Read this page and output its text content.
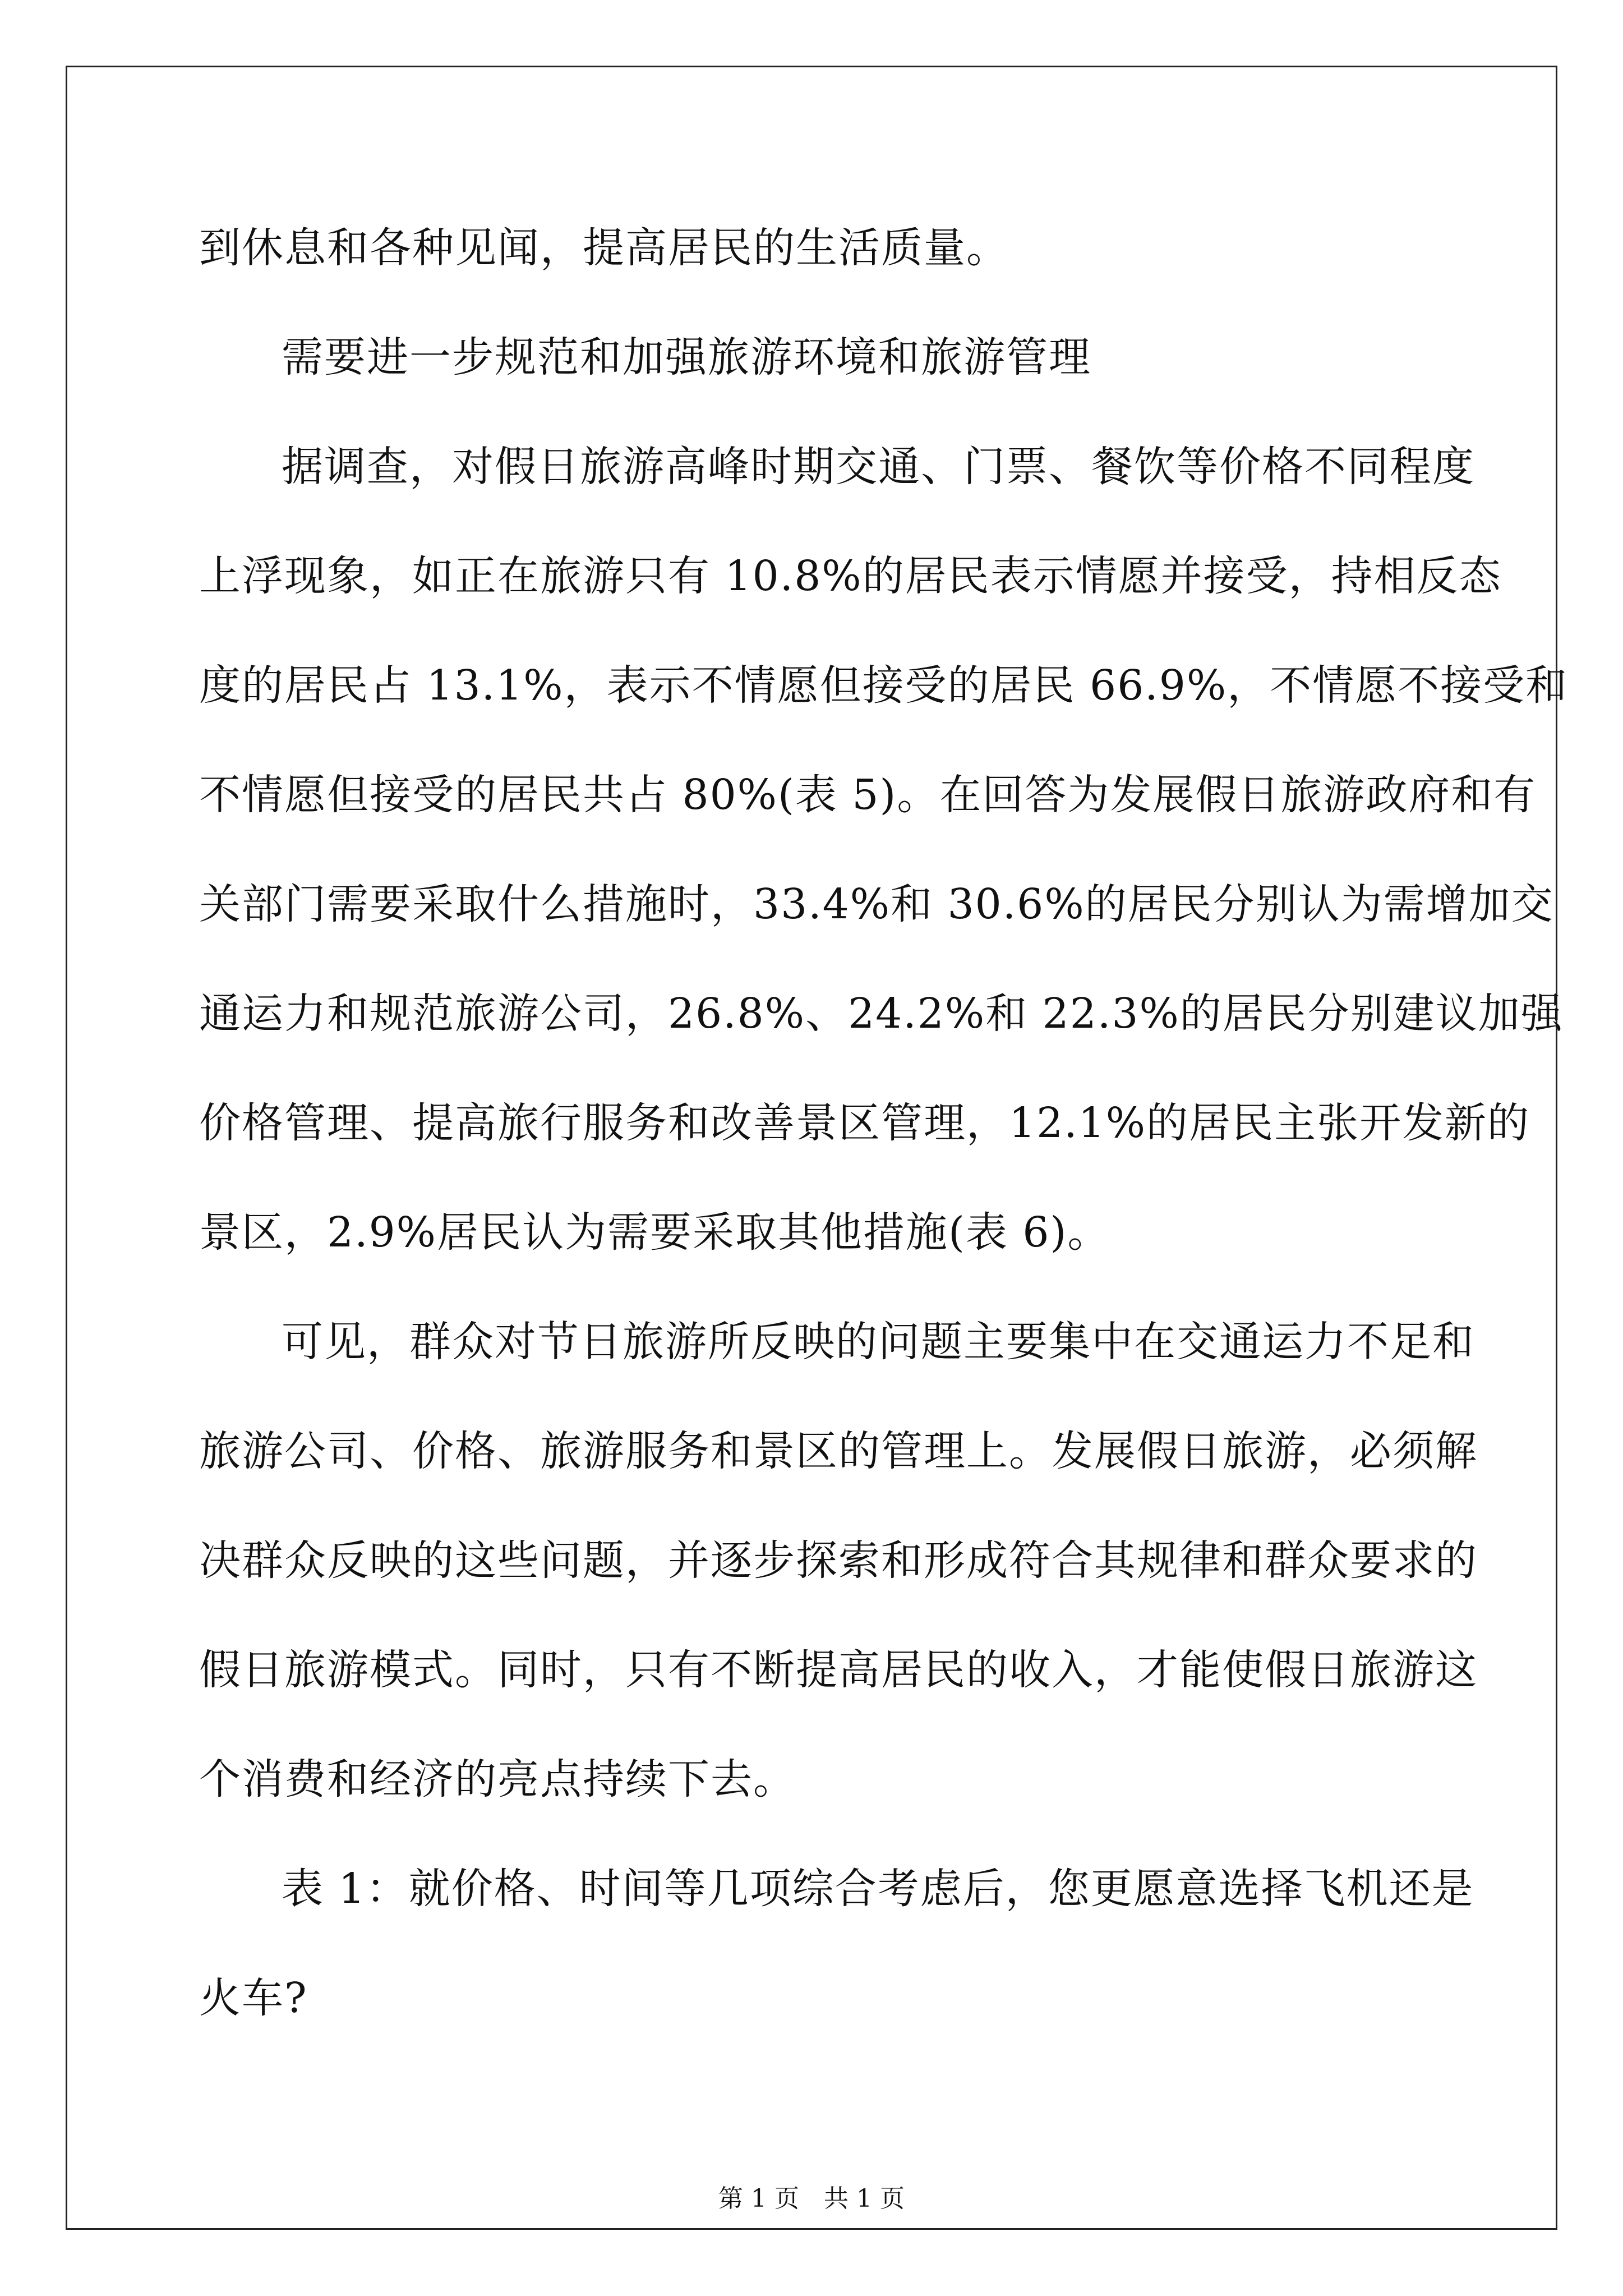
到休息和各种见闻，提高居民的生活质量。
需要进一步规范和加强旅游环境和旅游管理
据调查，对假日旅游高峰时期交通、门票、餐饮等价格不同程度
上浮现象，如正在旅游只有 10.8%的居民表示情愿并接受，持相反态
度的居民占 13.1%，表示不情愿但接受的居民 66.9%，不情愿不接受和
不情愿但接受的居民共占 80%(表 5)。在回答为发展假日旅游政府和有
关部门需要采取什么措施时，33.4%和 30.6%的居民分别认为需增加交
通运力和规范旅游公司，26.8%、24.2%和 22.3%的居民分别建议加强
价格管理、提高旅行服务和改善景区管理，12.1%的居民主张开发新的
景区，2.9%居民认为需要采取其他措施(表 6)。
可见，群众对节日旅游所反映的问题主要集中在交通运力不足和
旅游公司、价格、旅游服务和景区的管理上。发展假日旅游，必须解
决群众反映的这些问题，并逐步探索和形成符合其规律和群众要求的
假日旅游模式。同时，只有不断提高居民的收入，才能使假日旅游这
个消费和经济的亮点持续下去。
表 1：就价格、时间等几项综合考虑后，您更愿意选择飞机还是
火车?
第 1 页　共 1 页
